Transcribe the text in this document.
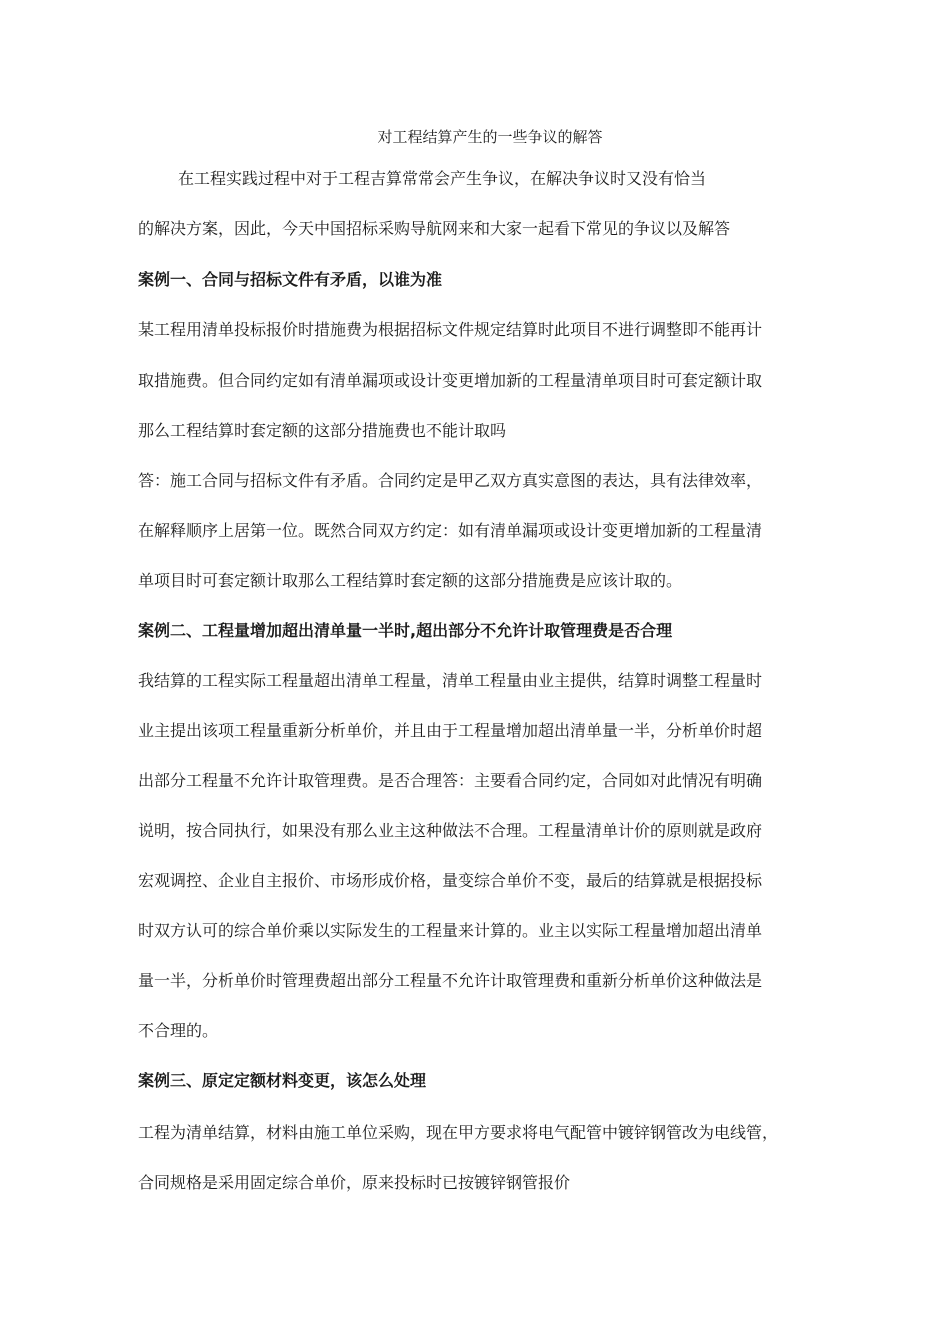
对工程结算产生的一些争议的解答
在工程实践过程中对于工程吉算常常会产生争议，在解决争议时又没有恰当
的解决方案，因此，今天中国招标采购导航网来和大家一起看下常见的争议以及解答
案例一、合同与招标文件有矛盾，以谁为准
某工程用清单投标报价时措施费为根据招标文件规定结算时此项目不进行调整即不能再计
取措施费。但合同约定如有清单漏项或设计变更增加新的工程量清单项目时可套定额计取
那么工程结算时套定额的这部分措施费也不能计取吗
答：施工合同与招标文件有矛盾。合同约定是甲乙双方真实意图的表达，具有法律效率，
在解释顺序上居第一位。既然合同双方约定：如有清单漏项或设计变更增加新的工程量清
单项目时可套定额计取那么工程结算时套定额的这部分措施费是应该计取的。
案例二、工程量增加超出清单量一半时,超出部分不允许计取管理费是否合理
我结算的工程实际工程量超出清单工程量，清单工程量由业主提供，结算时调整工程量时
业主提出该项工程量重新分析单价，并且由于工程量增加超出清单量一半，分析单价时超
出部分工程量不允许计取管理费。是否合理答：主要看合同约定，合同如对此情况有明确
说明，按合同执行，如果没有那么业主这种做法不合理。工程量清单计价的原则就是政府
宏观调控、企业自主报价、市场形成价格，量变综合单价不变，最后的结算就是根据投标
时双方认可的综合单价乘以实际发生的工程量来计算的。业主以实际工程量增加超出清单
量一半，分析单价时管理费超出部分工程量不允许计取管理费和重新分析单价这种做法是
不合理的。
案例三、原定定额材料变更，该怎么处理
工程为清单结算，材料由施工单位采购，现在甲方要求将电气配管中镀锌钢管改为电线管，
合同规格是采用固定综合单价，原来投标时已按镀锌钢管报价
